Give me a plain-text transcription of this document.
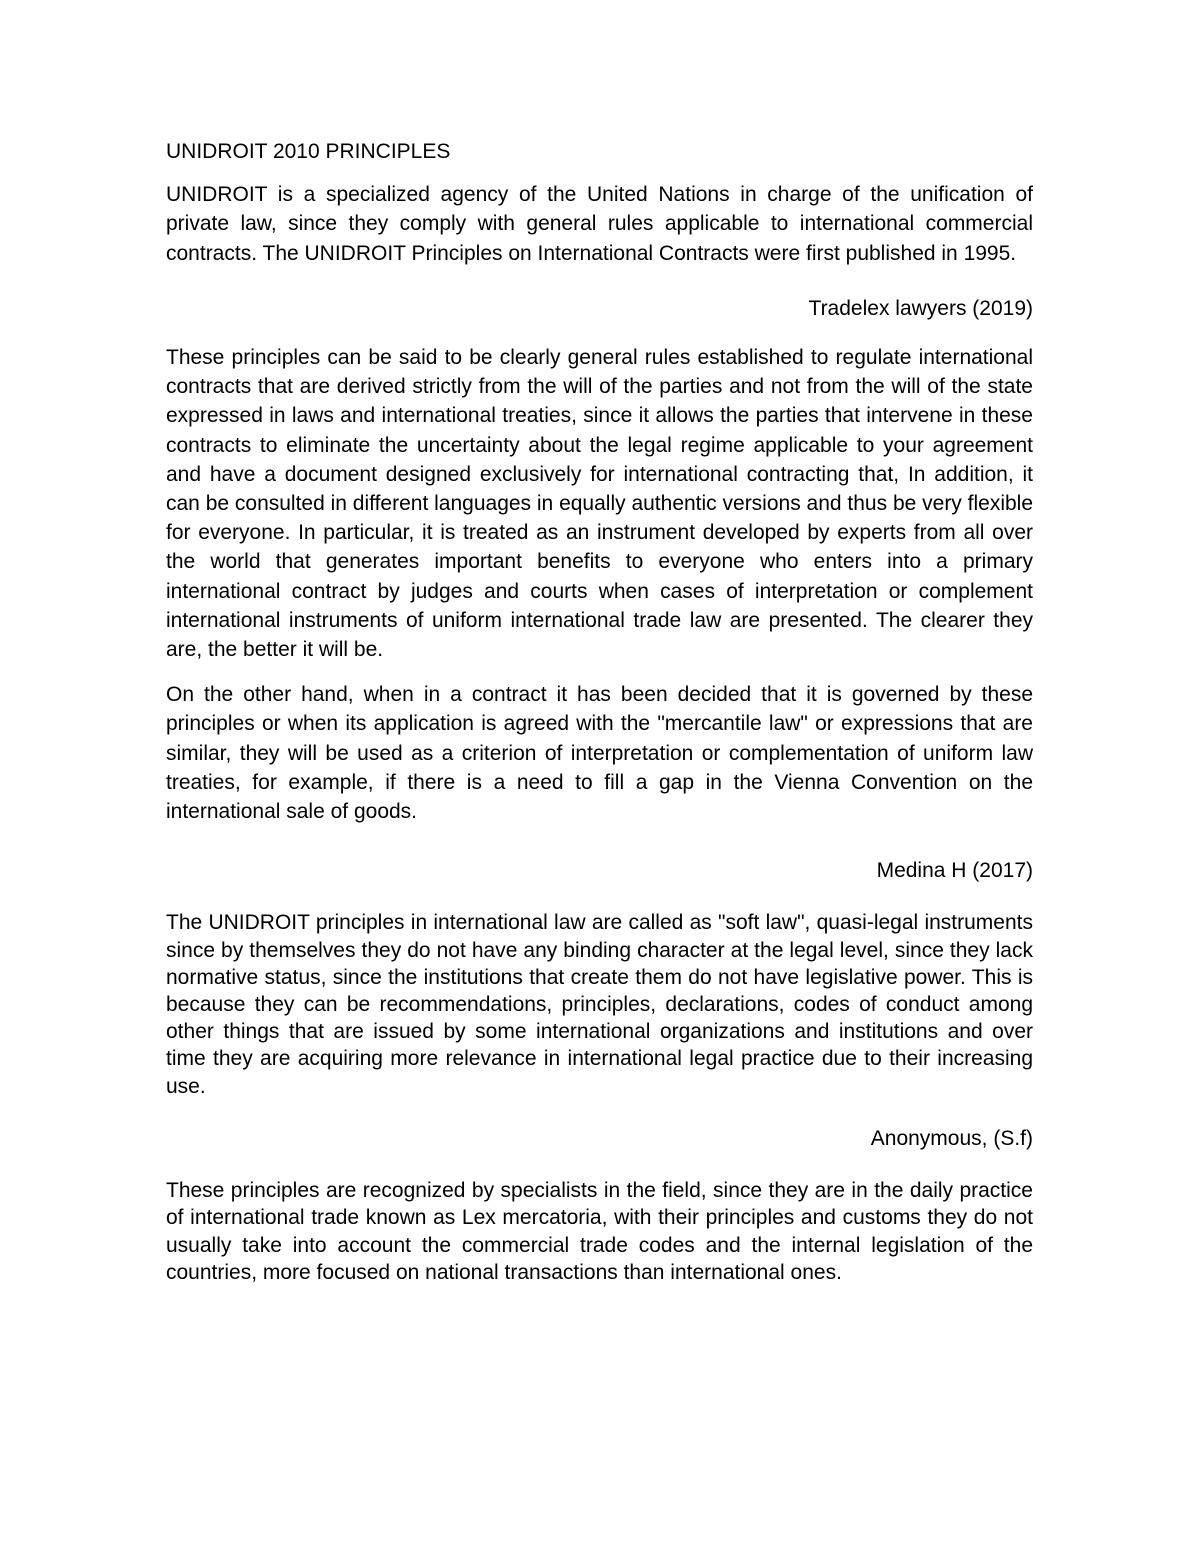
UNIDROIT 2010 PRINCIPLES

UNIDROIT is a specialized agency of the United Nations in charge of the unification of private law, since they comply with general rules applicable to international commercial contracts. The UNIDROIT Principles on International Contracts were first published in 1995.

Tradelex lawyers (2019)

These principles can be said to be clearly general rules established to regulate international contracts that are derived strictly from the will of the parties and not from the will of the state expressed in laws and international treaties, since it allows the parties that intervene in these contracts to eliminate the uncertainty about the legal regime applicable to your agreement and have a document designed exclusively for international contracting that, In addition, it can be consulted in different languages in equally authentic versions and thus be very flexible for everyone. In particular, it is treated as an instrument developed by experts from all over the world that generates important benefits to everyone who enters into a primary international contract by judges and courts when cases of interpretation or complement international instruments of uniform international trade law are presented. The clearer they are, the better it will be.

On the other hand, when in a contract it has been decided that it is governed by these principles or when its application is agreed with the "mercantile law" or expressions that are similar, they will be used as a criterion of interpretation or complementation of uniform law treaties, for example, if there is a need to fill a gap in the Vienna Convention on the international sale of goods.

Medina H (2017)

The UNIDROIT principles in international law are called as "soft law", quasi-legal instruments since by themselves they do not have any binding character at the legal level, since they lack normative status, since the institutions that create them do not have legislative power. This is because they can be recommendations, principles, declarations, codes of conduct among other things that are issued by some international organizations and institutions and over time they are acquiring more relevance in international legal practice due to their increasing use.

Anonymous, (S.f)

These principles are recognized by specialists in the field, since they are in the daily practice of international trade known as Lex mercatoria, with their principles and customs they do not usually take into account the commercial trade codes and the internal legislation of the countries, more focused on national transactions than international ones.
